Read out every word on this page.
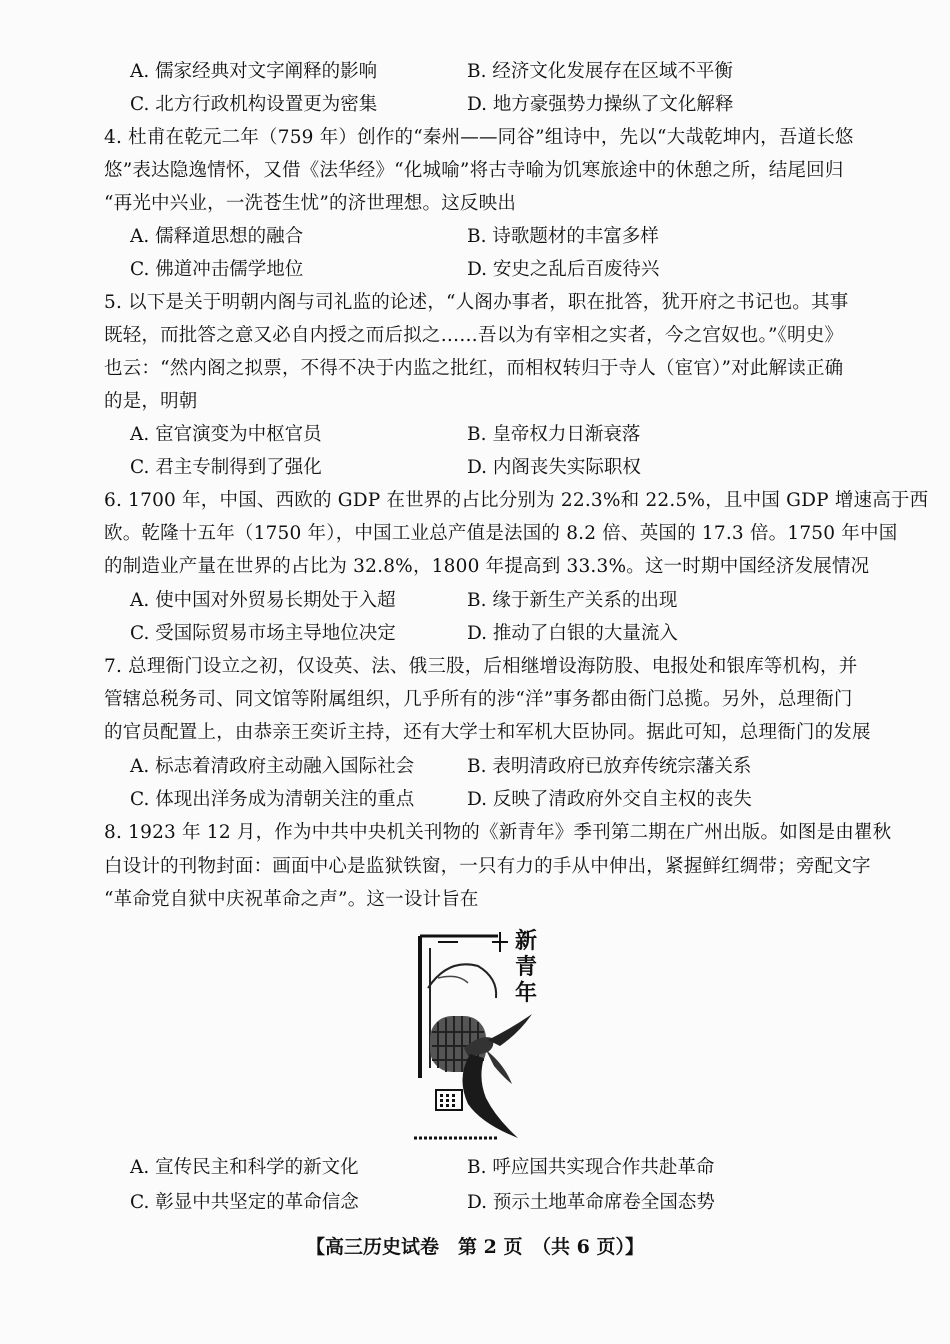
A. 儒家经典对文字阐释的影响	B. 经济文化发展存在区域不平衡
C. 北方行政机构设置更为密集	D. 地方豪强势力操纵了文化解释
4. 杜甫在乾元二年（759 年）创作的“秦州——同谷”组诗中，先以“大哉乾坤内，吾道长悠
悠”表达隐逸情怀，又借《法华经》“化城喻”将古寺喻为饥寒旅途中的休憩之所，结尾回归
“再光中兴业，一洗苍生忧”的济世理想。这反映出
A. 儒释道思想的融合	B. 诗歌题材的丰富多样
C. 佛道冲击儒学地位	D. 安史之乱后百废待兴
5. 以下是关于明朝内阁与司礼监的论述，“人阁办事者，职在批答，犹开府之书记也。其事
既轻，而批答之意又必自内授之而后拟之……吾以为有宰相之实者，今之宫奴也。”《明史》
也云：“然内阁之拟票，不得不决于内监之批红，而相权转归于寺人（宦官）”对此解读正确
的是，明朝
A. 宦官演变为中枢官员	B. 皇帝权力日渐衰落
C. 君主专制得到了强化	D. 内阁丧失实际职权
6. 1700 年，中国、西欧的 GDP 在世界的占比分别为 22.3%和 22.5%，且中国 GDP 增速高于西
欧。乾隆十五年（1750 年），中国工业总产值是法国的 8.2 倍、英国的 17.3 倍。1750 年中国
的制造业产量在世界的占比为 32.8%，1800 年提高到 33.3%。这一时期中国经济发展情况
A. 使中国对外贸易长期处于入超	B. 缘于新生产关系的出现
C. 受国际贸易市场主导地位决定	D. 推动了白银的大量流入
7. 总理衙门设立之初，仅设英、法、俄三股，后相继增设海防股、电报处和银库等机构，并
管辖总税务司、同文馆等附属组织，几乎所有的涉“洋”事务都由衙门总揽。另外，总理衙门
的官员配置上，由恭亲王奕䜣主持，还有大学士和军机大臣协同。据此可知，总理衙门的发展
A. 标志着清政府主动融入国际社会	B. 表明清政府已放弃传统宗藩关系
C. 体现出洋务成为清朝关注的重点	D. 反映了清政府外交自主权的丧失
8. 1923 年 12 月，作为中共中央机关刊物的《新青年》季刊第二期在广州出版。如图是由瞿秋
白设计的刊物封面：画面中心是监狱铁窗，一只有力的手从中伸出，紧握鲜红绸带；旁配文字
“革命党自狱中庆祝革命之声”。这一设计旨在
新青年
A. 宣传民主和科学的新文化	B. 呼应国共实现合作共赴革命
C. 彰显中共坚定的革命信念	D. 预示土地革命席卷全国态势
【高三历史试卷　第 2 页　（共 6 页）】
